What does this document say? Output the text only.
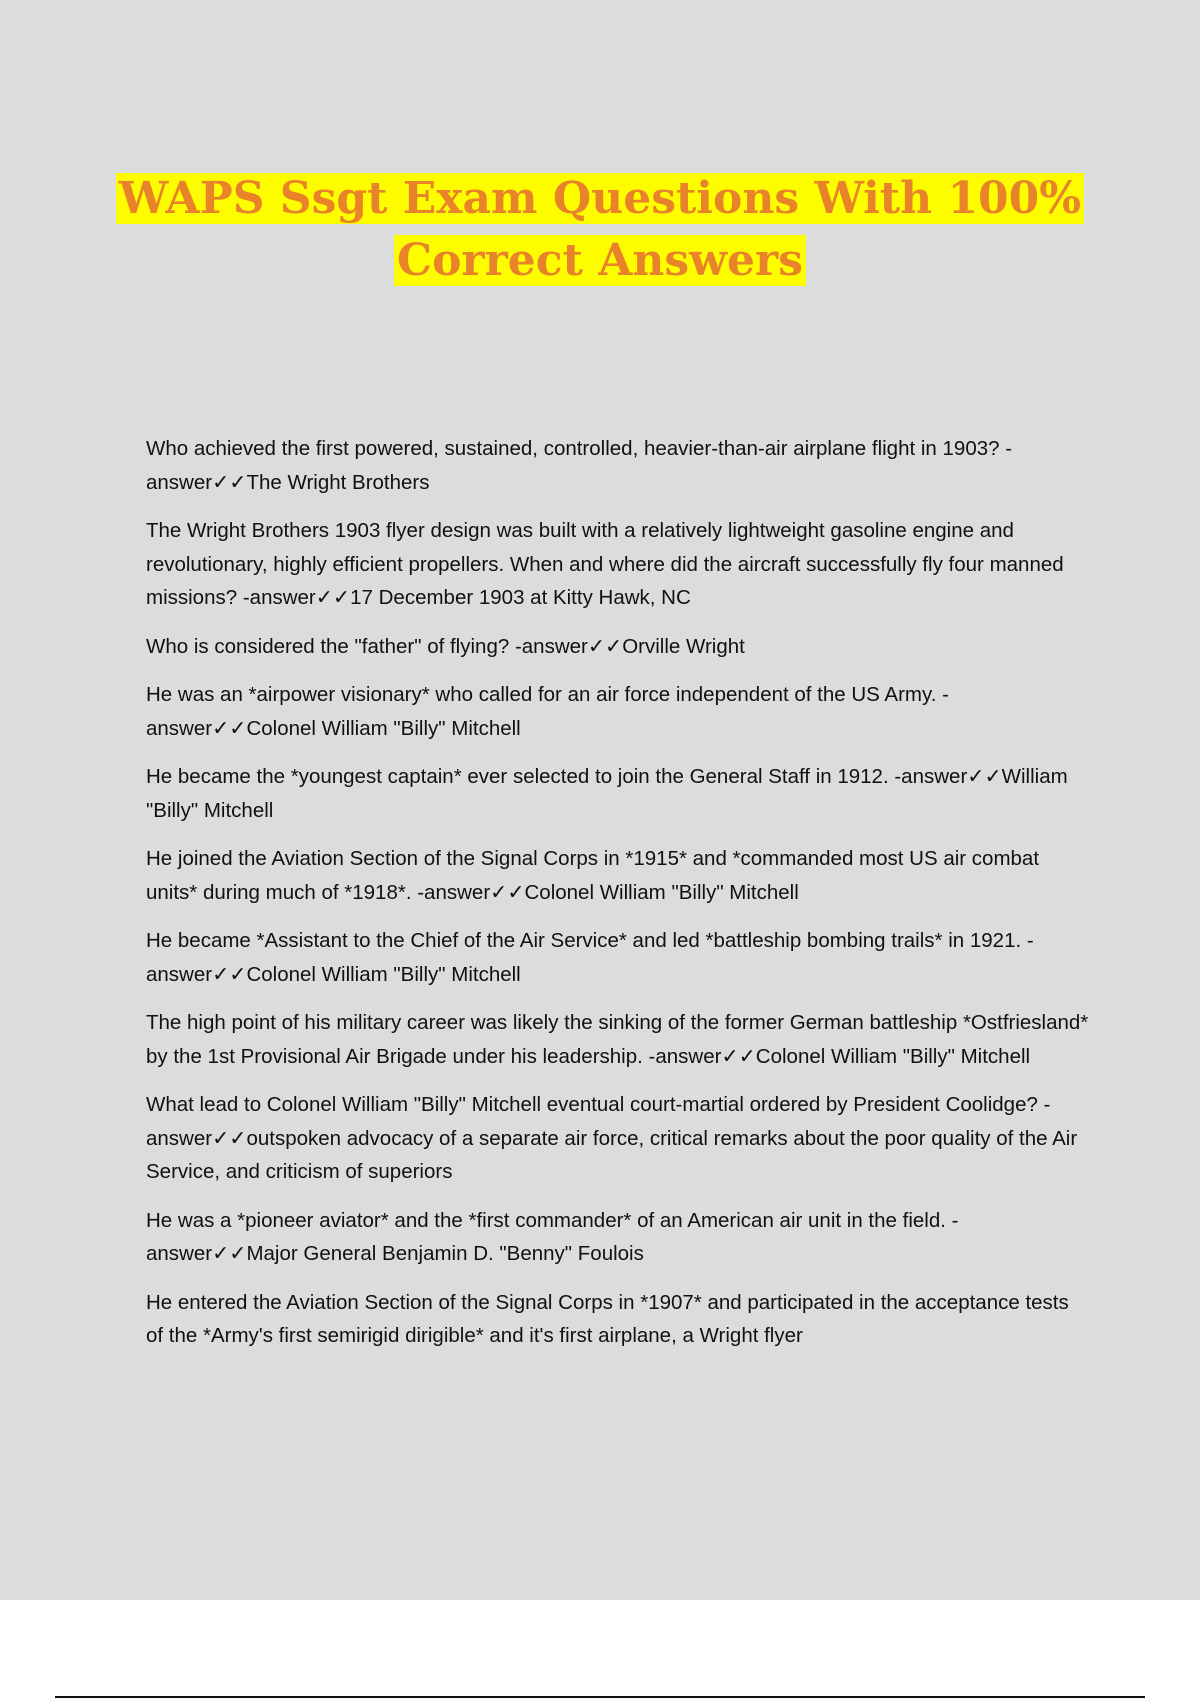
WAPS Ssgt Exam Questions With 100%
Correct Answers

Who achieved the first powered, sustained, controlled, heavier-than-air airplane flight in 1903? -answer✓✓The Wright Brothers

The Wright Brothers 1903 flyer design was built with a relatively lightweight gasoline engine and revolutionary, highly efficient propellers. When and where did the aircraft successfully fly four manned missions? -answer✓✓17 December 1903 at Kitty Hawk, NC

Who is considered the "father" of flying? -answer✓✓Orville Wright

He was an *airpower visionary* who called for an air force independent of the US Army. -answer✓✓Colonel William "Billy" Mitchell

He became the *youngest captain* ever selected to join the General Staff in 1912. -answer✓✓William "Billy" Mitchell

He joined the Aviation Section of the Signal Corps in *1915* and *commanded most US air combat units* during much of *1918*. -answer✓✓Colonel William "Billy" Mitchell

He became *Assistant to the Chief of the Air Service* and led *battleship bombing trails* in 1921. -answer✓✓Colonel William "Billy" Mitchell

The high point of his military career was likely the sinking of the former German battleship *Ostfriesland* by the 1st Provisional Air Brigade under his leadership. -answer✓✓Colonel William "Billy" Mitchell

What lead to Colonel William "Billy" Mitchell eventual court-martial ordered by President Coolidge? -answer✓✓outspoken advocacy of a separate air force, critical remarks about the poor quality of the Air Service, and criticism of superiors

He was a *pioneer aviator* and the *first commander* of an American air unit in the field. -answer✓✓Major General Benjamin D. "Benny" Foulois

He entered the Aviation Section of the Signal Corps in *1907* and participated in the acceptance tests of the *Army's first semirigid dirigible* and it's first airplane, a Wright flyer
